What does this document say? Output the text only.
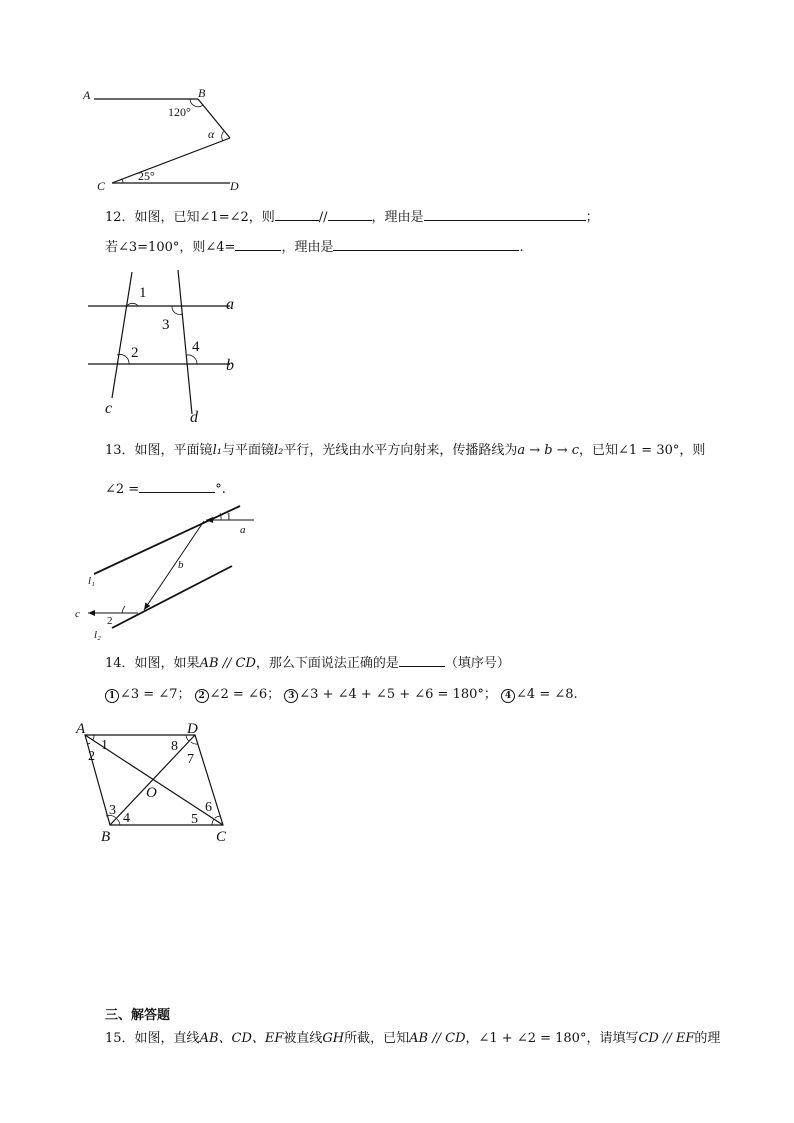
A	B
120°
α
25°
C	D
12．如图，已知∠1=∠2，则	//	，理由是	；
若∠3=100°，则∠4=	，理由是	.
1
3
2	4
a
b
c
d
13．如图，平面镜l₁与平面镜l₂平行，光线由水平方向射来，传播路线为a → b → c，已知∠1 = 30°，则
∠2 =	°.
1
a
b
c
2
l₁
l₂
14．如图，如果AB // CD，那么下面说法正确的是	（填序号）
1 ∠3 = ∠7； 2 ∠2 = ∠6； 3 ∠3 + ∠4 + ∠5 + ∠6 = 180°； 4 ∠4 = ∠8.
A	D
B	C
O
1
2
8
7
3
4	5
6
三、解答题
15．如图，直线AB、CD、EF被直线GH所截，已知AB // CD，∠1 + ∠2 = 180°，请填写CD // EF的理
